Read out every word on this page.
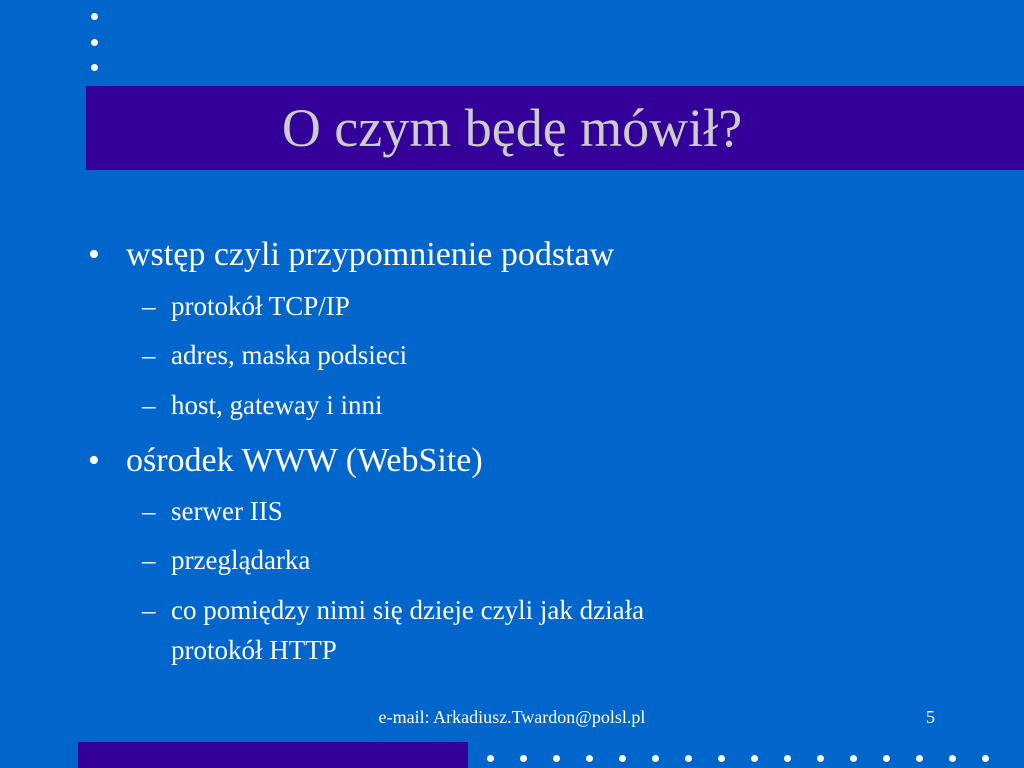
O czym będę mówił?
• wstęp czyli przypomnienie podstaw
– protokół TCP/IP
– adres, maska podsieci
– host, gateway i inni
• ośrodek WWW (WebSite)
– serwer IIS
– przeglądarka
– co pomiędzy nimi się dzieje czyli jak działa
protokół HTTP
e-mail: Arkadiusz.Twardon@polsl.pl	5
